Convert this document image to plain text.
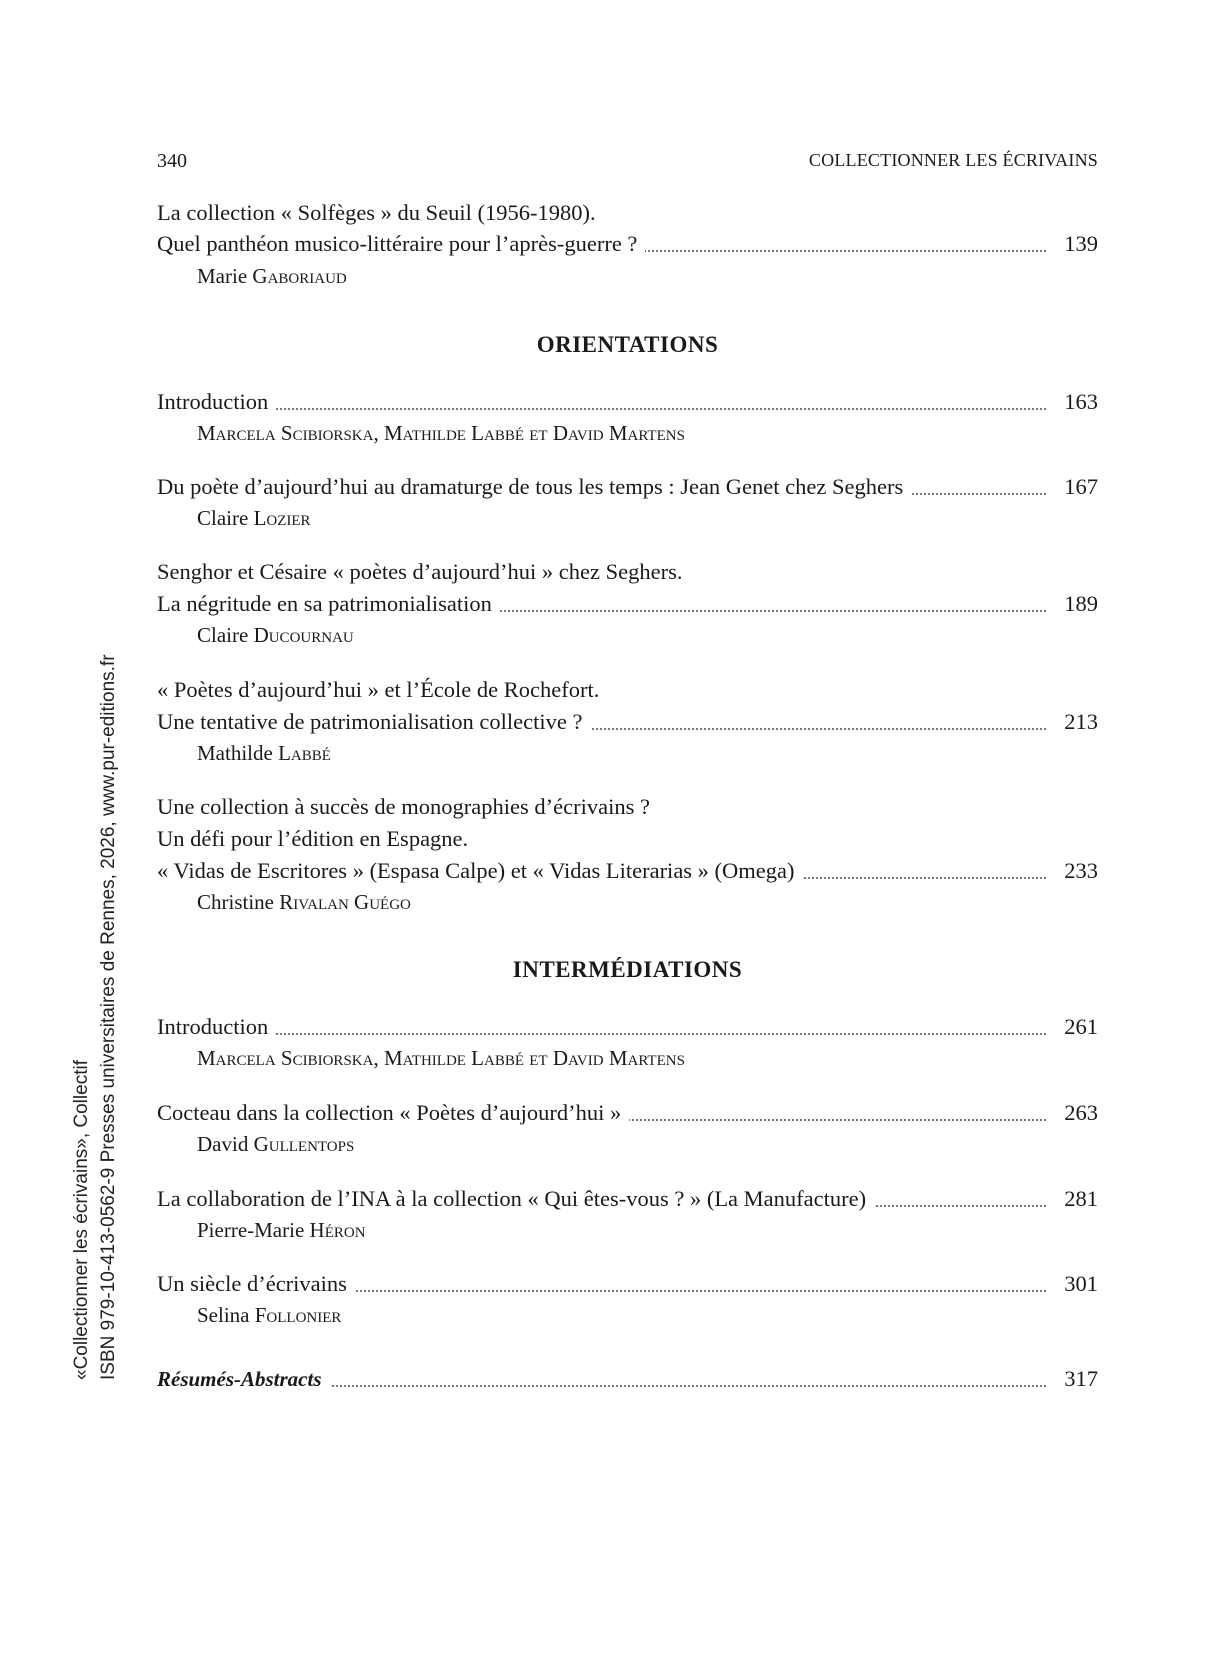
340	COLLECTIONNER LES ÉCRIVAINS
«Collectionner les écrivains», Collectif ISBN 979-10-413-0562-9 Presses universitaires de Rennes, 2026, www.pur-editions.fr
La collection « Solfèges » du Seuil (1956-1980).
Quel panthéon musico-littéraire pour l’après-guerre ?	139
Marie Gaboriaud
ORIENTATIONS
Introduction	163
Marcela Scibiorska, Mathilde Labbé et David Martens
Du poète d’aujourd’hui au dramaturge de tous les temps : Jean Genet chez Seghers	167
Claire Lozier
Senghor et Césaire « poètes d’aujourd’hui » chez Seghers.
La négritude en sa patrimonialisation	189
Claire Ducournau
« Poètes d’aujourd’hui » et l’École de Rochefort.
Une tentative de patrimonialisation collective ?	213
Mathilde Labbé
Une collection à succès de monographies d’écrivains ?
Un défi pour l’édition en Espagne.
« Vidas de Escritores » (Espasa Calpe) et « Vidas Literarias » (Omega)	233
Christine Rivalan Guégo
INTERMÉDIATIONS
Introduction	261
Marcela Scibiorska, Mathilde Labbé et David Martens
Cocteau dans la collection « Poètes d’aujourd’hui »	263
David Gullentops
La collaboration de l’INA à la collection « Qui êtes-vous ? » (La Manufacture)	281
Pierre-Marie Héron
Un siècle d’écrivains	301
Selina Follonier
Résumés-Abstracts	317
